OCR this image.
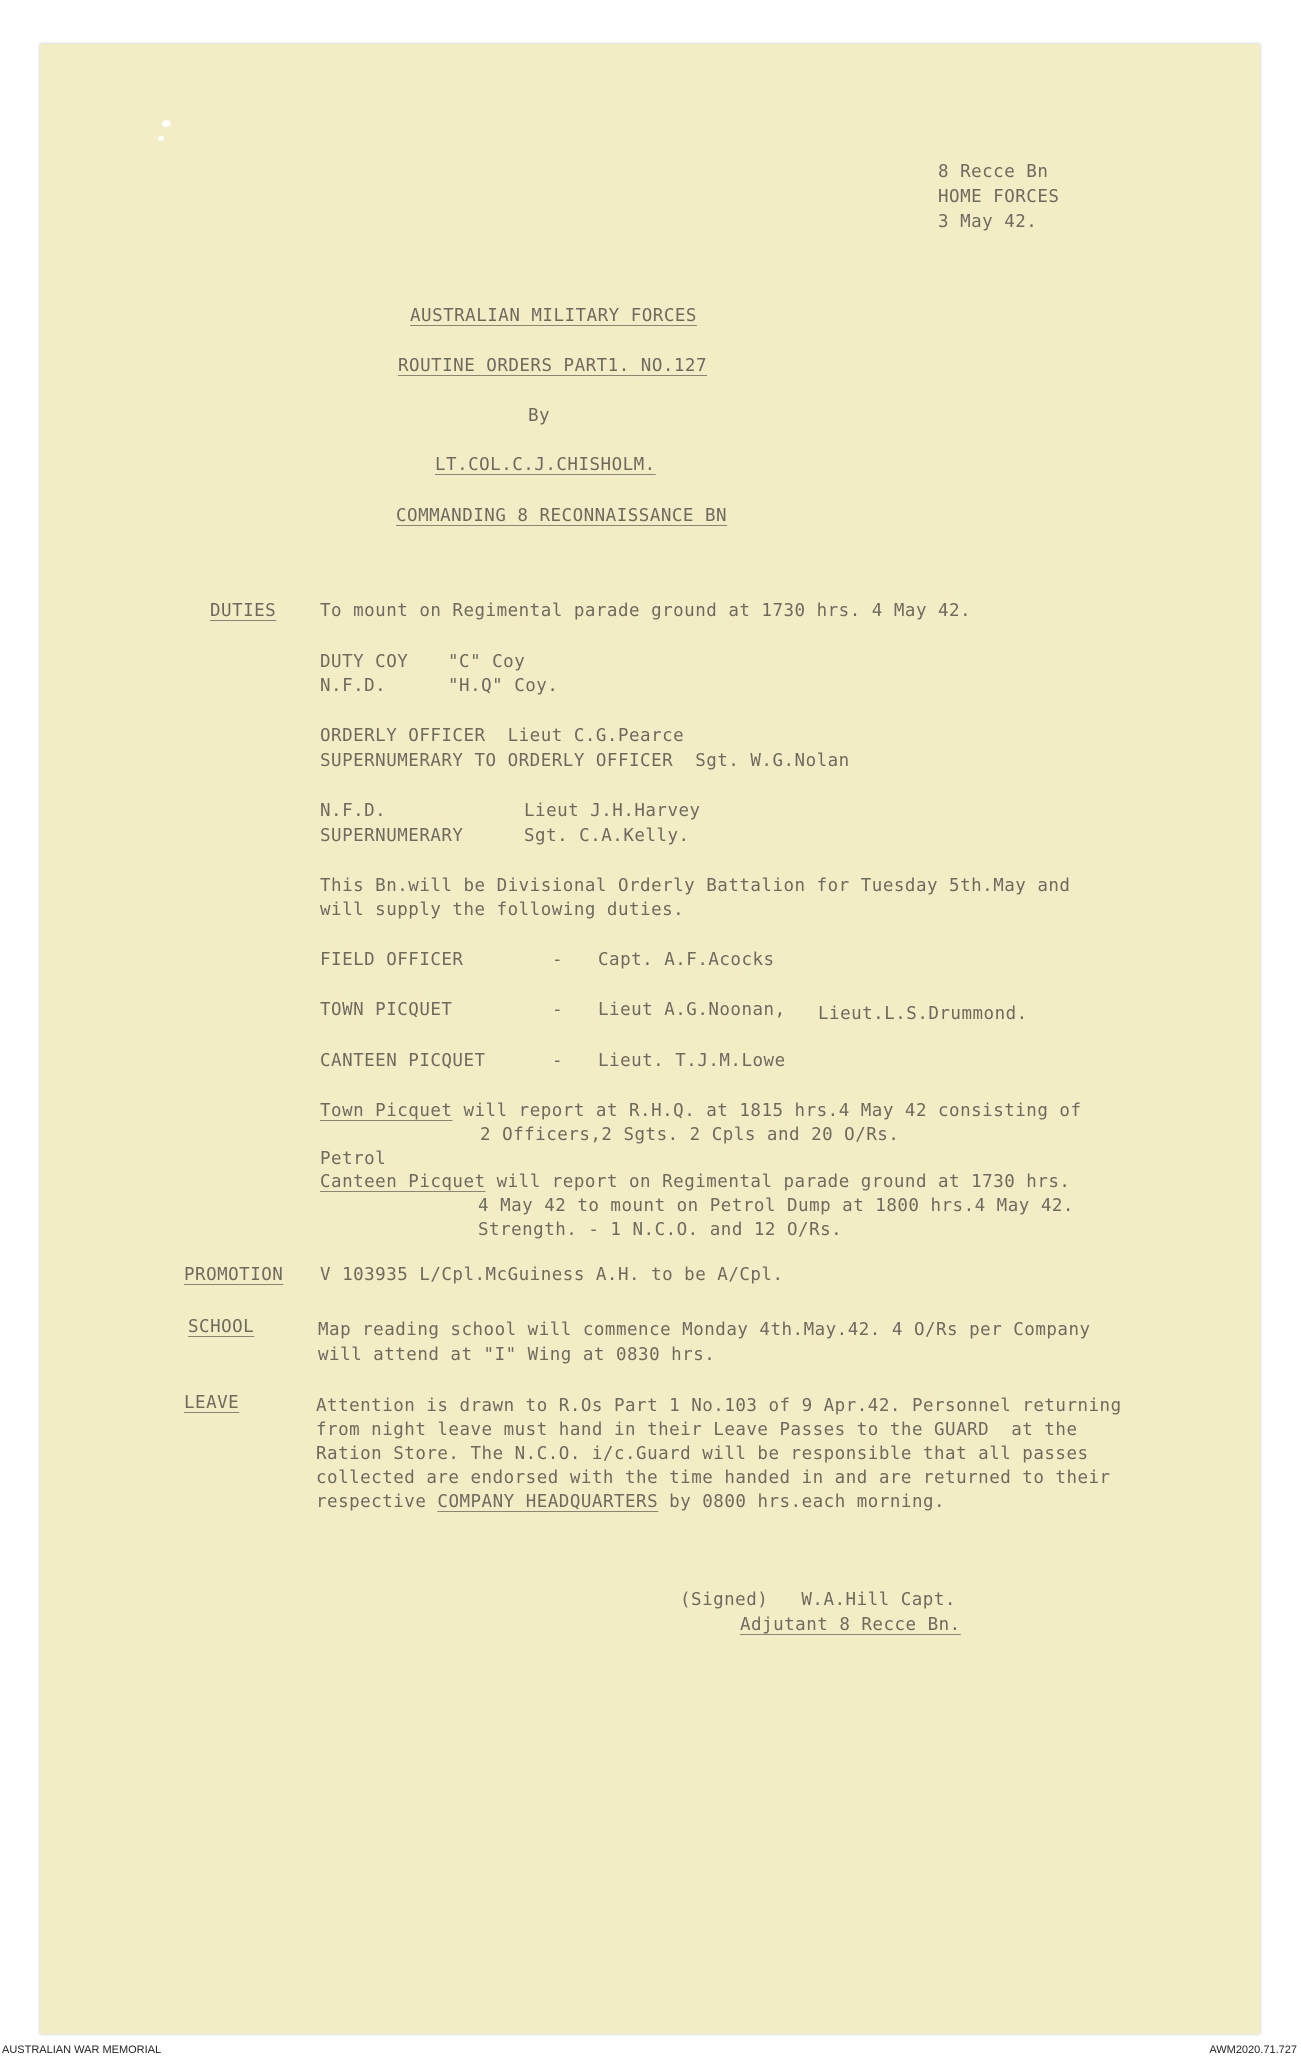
8 Recce Bn
HOME FORCES
3 May 42.
AUSTRALIAN MILITARY FORCES
ROUTINE ORDERS PART1. NO.127
By
LT.COL.C.J.CHISHOLM.
COMMANDING 8 RECONNAISSANCE BN
DUTIES	To mount on Regimental parade ground at 1730 hrs. 4 May 42.
DUTY COY "C" Coy
N.F.D.	"H.Q" Coy.
ORDERLY OFFICER  Lieut C.G.Pearce
SUPERNUMERARY TO ORDERLY OFFICER  Sgt. W.G.Nolan
N.F.D.	Lieut J.H.Harvey
SUPERNUMERARY	Sgt. C.A.Kelly.
This Bn.will be Divisional Orderly Battalion for Tuesday 5th.May and
will supply the following duties.
FIELD OFFICER	- Capt. A.F.Acocks
TOWN PICQUET	- Lieut A.G.Noonan, Lieut.L.S.Drummond.
CANTEEN PICQUET	- Lieut. T.J.M.Lowe
Town Picquet will report at R.H.Q. at 1815 hrs.4 May 42 consisting of
2 Officers,2 Sgts. 2 Cpls and 20 O/Rs.
Petrol
Canteen Picquet will report on Regimental parade ground at 1730 hrs.
4 May 42 to mount on Petrol Dump at 1800 hrs.4 May 42.
Strength. - 1 N.C.O. and 12 O/Rs.
PROMOTION V 103935 L/Cpl.McGuiness A.H. to be A/Cpl.
SCHOOL	Map reading school will commence Monday 4th.May.42. 4 O/Rs per Company
will attend at "I" Wing at 0830 hrs.
LEAVE	Attention is drawn to R.Os Part 1 No.103 of 9 Apr.42. Personnel returning
from night leave must hand in their Leave Passes to the GUARD  at the
Ration Store. The N.C.O. i/c.Guard will be responsible that all passes
collected are endorsed with the time handed in and are returned to their
respective COMPANY HEADQUARTERS by 0800 hrs.each morning.
(Signed)   W.A.Hill Capt.
Adjutant 8 Recce Bn.
AUSTRALIAN WAR MEMORIAL	AWM2020.71.727
